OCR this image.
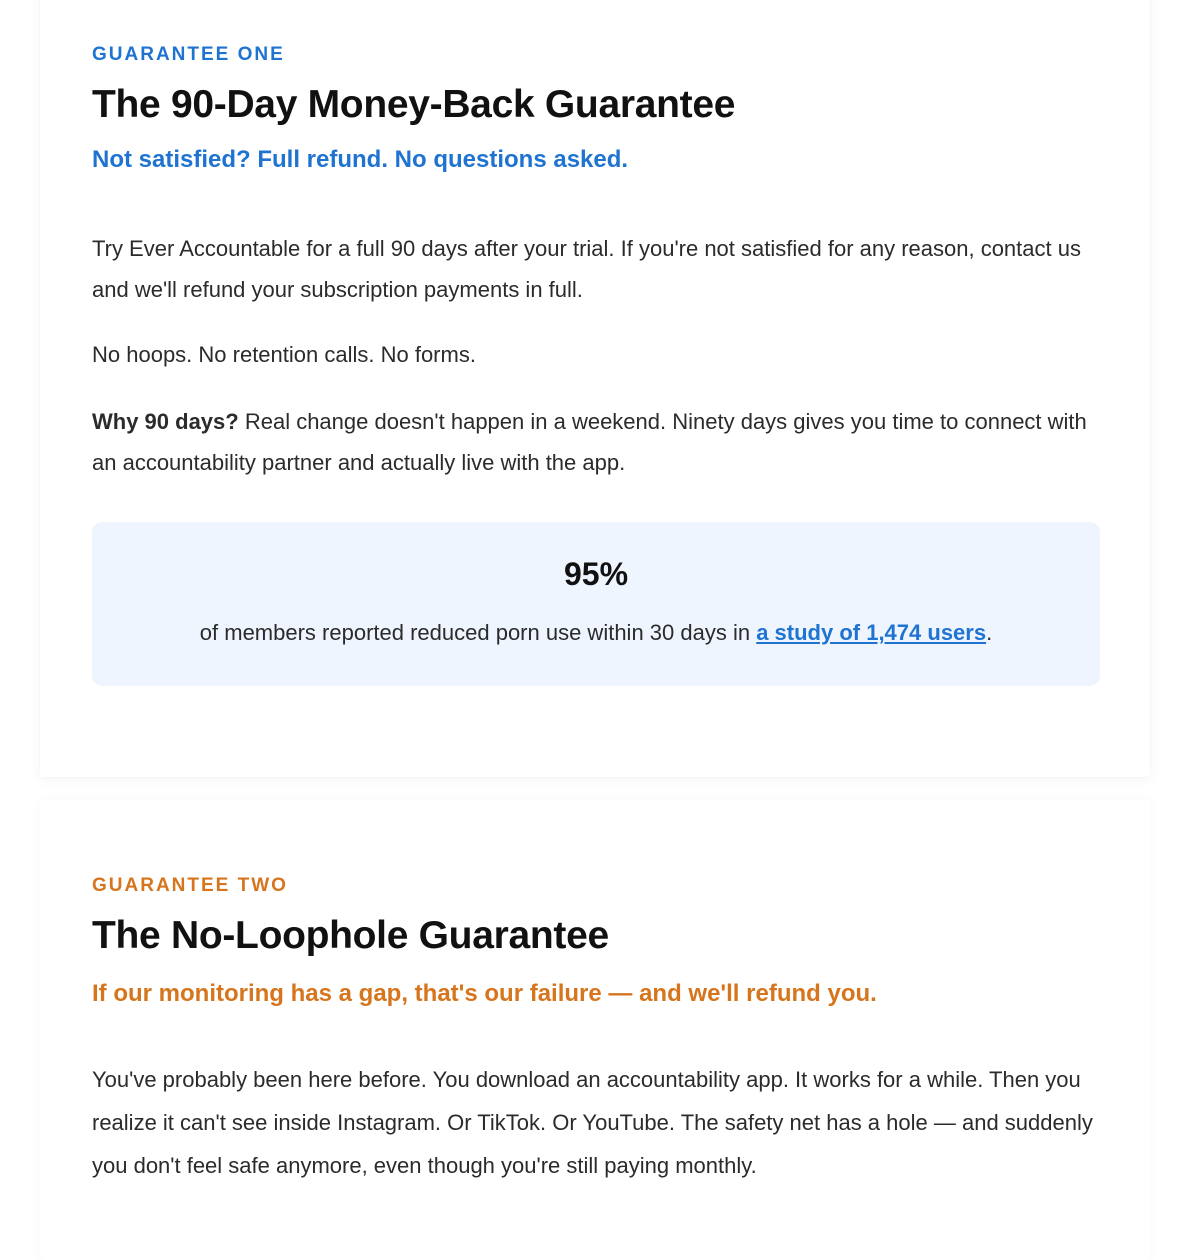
GUARANTEE ONE
The 90-Day Money-Back Guarantee
Not satisfied? Full refund. No questions asked.

Try Ever Accountable for a full 90 days after your trial. If you're not satisfied for any reason, contact us and we'll refund your subscription payments in full.

No hoops. No retention calls. No forms.

Why 90 days? Real change doesn't happen in a weekend. Ninety days gives you time to connect with an accountability partner and actually live with the app.

95%
of members reported reduced porn use within 30 days in a study of 1,474 users.
GUARANTEE TWO
The No-Loophole Guarantee
If our monitoring has a gap, that's our failure — and we'll refund you.

You've probably been here before. You download an accountability app. It works for a while. Then you realize it can't see inside Instagram. Or TikTok. Or YouTube. The safety net has a hole — and suddenly you don't feel safe anymore, even though you're still paying monthly.
